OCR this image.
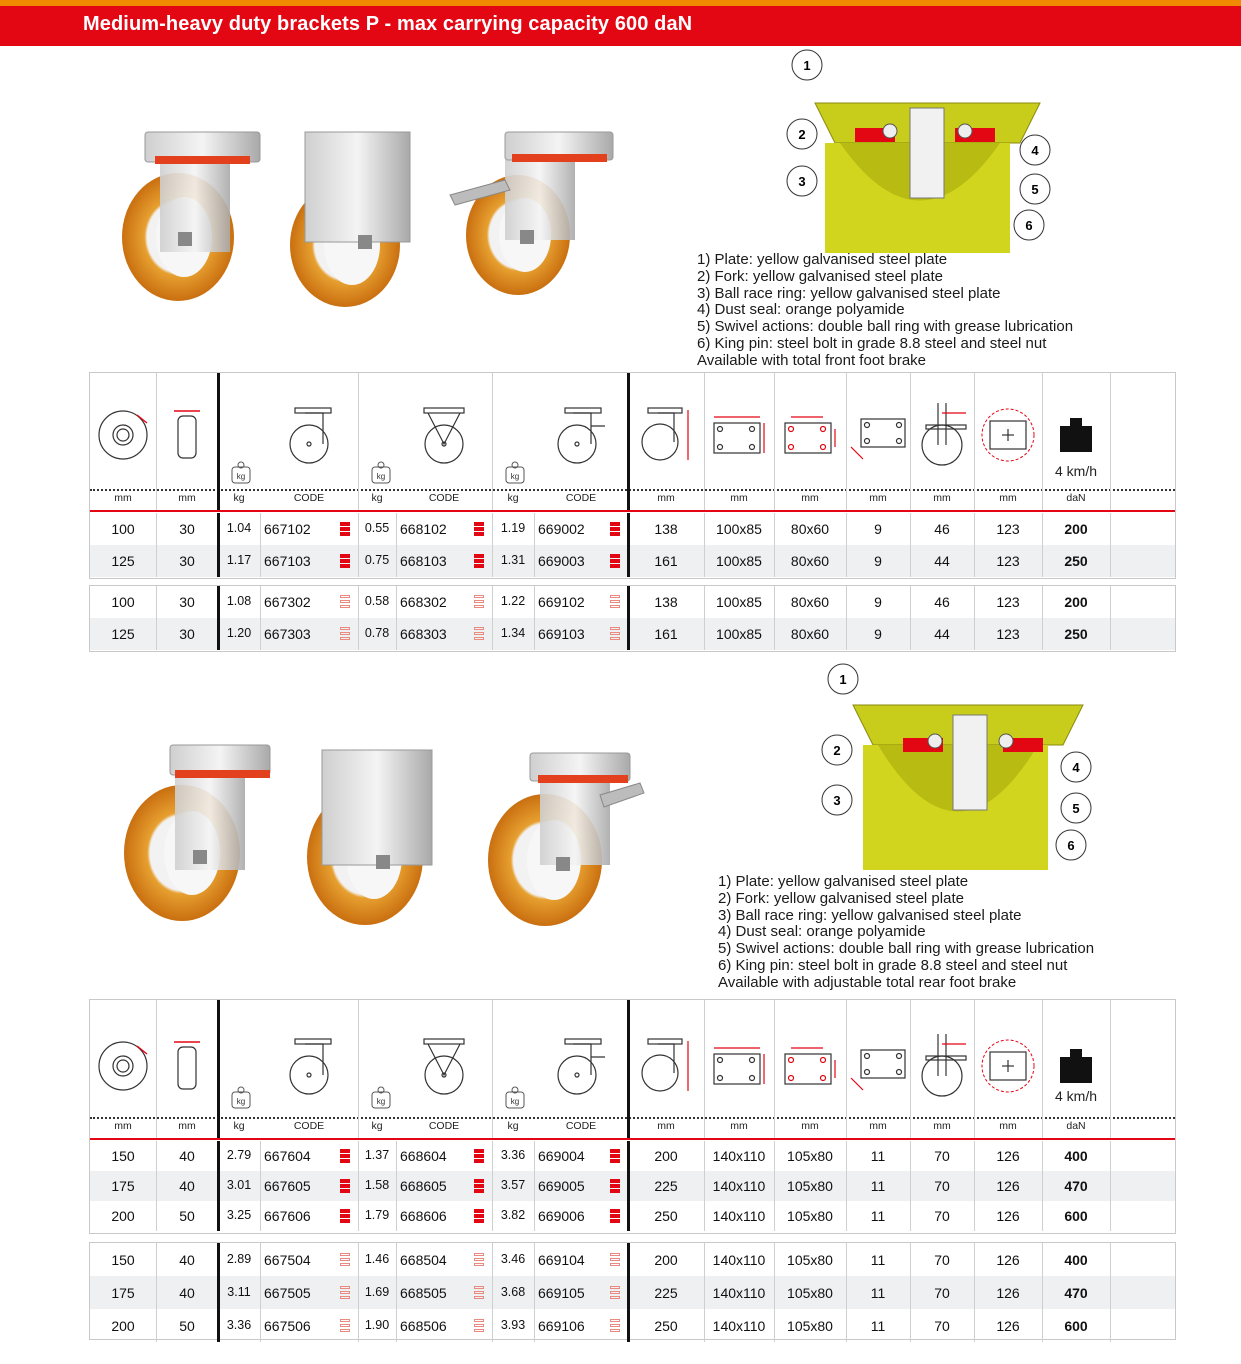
Medium-heavy duty brackets P - max carrying capacity 600 daN
1
2
3
4
5
6
1) Plate: yellow galvanised steel plate
2) Fork: yellow galvanised steel plate
3) Ball race ring: yellow galvanised steel plate
4) Dust seal: orange polyamide
5) Swivel actions: double ball ring with grease lubrication
6) King pin: steel bolt in grade 8.8 steel and steel nut
Available with total front foot brake
kg	kg	kg	4 km/h
mm	mm	kg	CODE	kg	CODE	kg	CODE	mm	mm	mm	mm	mm	mm	daN
100	30	1.04 667102	0.55 668102	1.19 669002	138	100x85	80x60	9	46	123	200
125	30	1.17 667103	0.75 668103	1.31 669003	161	100x85	80x60	9	44	123	250
100	30	1.08 667302	0.58 668302	1.22 669102	138	100x85	80x60	9	46	123	200
125	30	1.20 667303	0.78 668303	1.34 669103	161	100x85	80x60	9	44	123	250
1
2
3
4
5
6
1) Plate: yellow galvanised steel plate
2) Fork: yellow galvanised steel plate
3) Ball race ring: yellow galvanised steel plate
4) Dust seal: orange polyamide
5) Swivel actions: double ball ring with grease lubrication
6) King pin: steel bolt in grade 8.8 steel and steel nut
Available with adjustable total rear foot brake
kg	kg	kg	4 km/h
mm	mm	kg	CODE	kg	CODE	kg	CODE	mm	mm	mm	mm	mm	mm	daN
150	40	2.79 667604	1.37 668604	3.36 669004	200	140x110	105x80	11	70	126	400
175	40	3.01 667605	1.58 668605	3.57 669005	225	140x110	105x80	11	70	126	470
200	50	3.25 667606	1.79 668606	3.82 669006	250	140x110	105x80	11	70	126	600
150	40	2.89 667504	1.46 668504	3.46 669104	200	140x110	105x80	11	70	126	400
175	40	3.11 667505	1.69 668505	3.68 669105	225	140x110	105x80	11	70	126	470
200	50	3.36 667506	1.90 668506	3.93 669106	250	140x110	105x80	11	70	126	600
